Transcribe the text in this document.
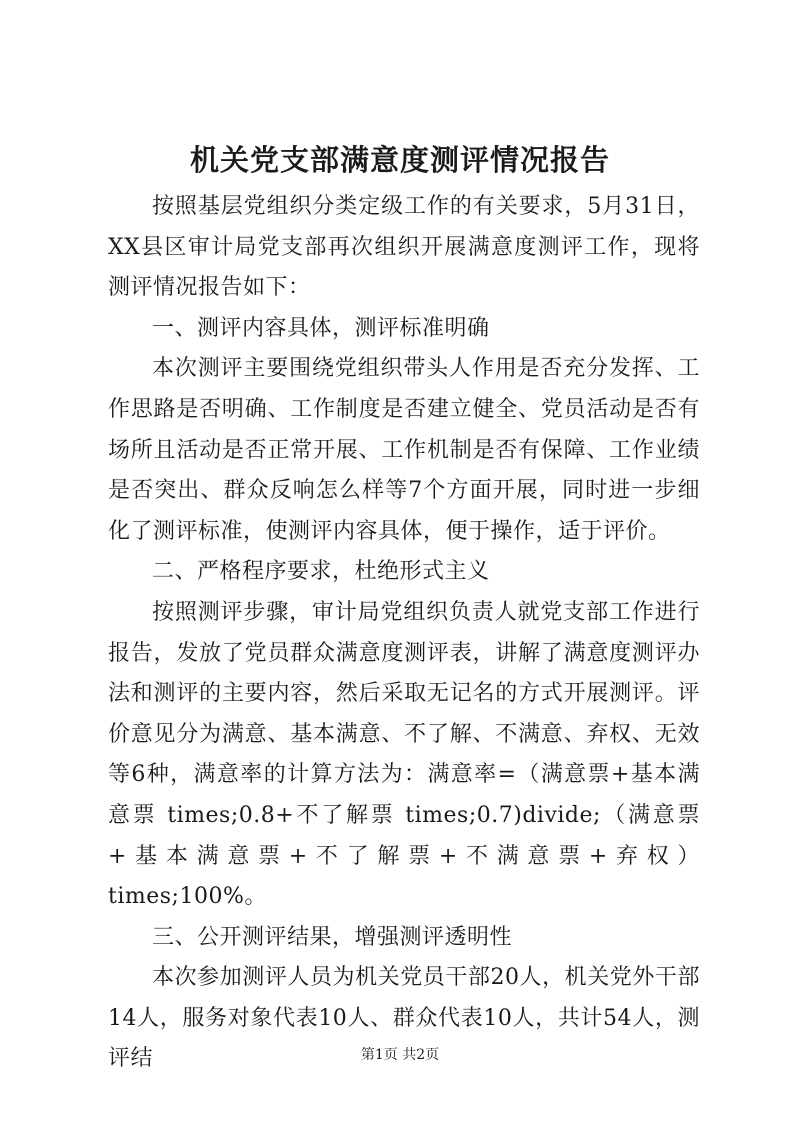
机关党支部满意度测评情况报告

按照基层党组织分类定级工作的有关要求，5月31日，XX县区审计局党支部再次组织开展满意度测评工作，现将测评情况报告如下：

一、测评内容具体，测评标准明确

本次测评主要围绕党组织带头人作用是否充分发挥、工作思路是否明确、工作制度是否建立健全、党员活动是否有场所且活动是否正常开展、工作机制是否有保障、工作业绩是否突出、群众反响怎么样等7个方面开展，同时进一步细化了测评标准，使测评内容具体，便于操作，适于评价。

二、严格程序要求，杜绝形式主义

按照测评步骤，审计局党组织负责人就党支部工作进行报告，发放了党员群众满意度测评表，讲解了满意度测评办法和测评的主要内容，然后采取无记名的方式开展测评。评价意见分为满意、基本满意、不了解、不满意、弃权、无效等6种，满意率的计算方法为：满意率=（满意票+基本满意票 times;0.8+不了解票 times;0.7)divide;（满意票+基本满意票+不了解票+不满意票+弃权）times;100%。

三、公开测评结果，增强测评透明性

本次参加测评人员为机关党员干部20人，机关党外干部14人，服务对象代表10人、群众代表10人，共计54人，测评结	第1页 共2页
